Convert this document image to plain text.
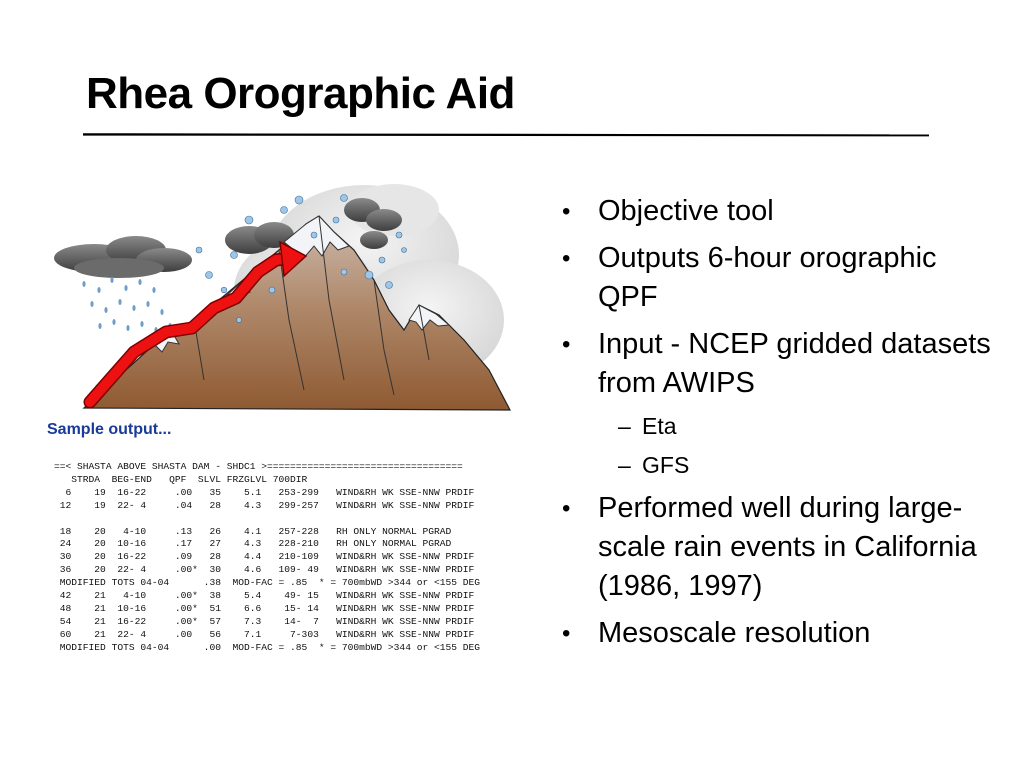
Rhea Orographic Aid
Sample output...
==< SHASTA ABOVE SHASTA DAM - SHDC1 >==================================
STRDA  BEG-END   QPF  SLVL FRZGLVL 700DIR
6    19  16-22     .00   35    5.1   253-299   WIND&RH WK SSE-NNW PRDIF
12    19  22- 4     .04   28    4.3   299-257   WIND&RH WK SSE-NNW PRDIF

18    20   4-10     .13   26    4.1   257-228   RH ONLY NORMAL PGRAD
24    20  10-16     .17   27    4.3   228-210   RH ONLY NORMAL PGRAD
30    20  16-22     .09   28    4.4   210-109   WIND&RH WK SSE-NNW PRDIF
36    20  22- 4     .00*  30    4.6   109- 49   WIND&RH WK SSE-NNW PRDIF
MODIFIED TOTS 04-04      .38  MOD-FAC = .85  * = 700mbWD >344 or <155 DEG
42    21   4-10     .00*  38    5.4    49- 15   WIND&RH WK SSE-NNW PRDIF
48    21  10-16     .00*  51    6.6    15- 14   WIND&RH WK SSE-NNW PRDIF
54    21  16-22     .00*  57    7.3    14-  7   WIND&RH WK SSE-NNW PRDIF
60    21  22- 4     .00   56    7.1     7-303   WIND&RH WK SSE-NNW PRDIF
MODIFIED TOTS 04-04      .00  MOD-FAC = .85  * = 700mbWD >344 or <155 DEG
• Objective tool
• Outputs 6-hour orographic QPF
• Input - NCEP gridded datasets from AWIPS
– Eta
– GFS
• Performed well during large-scale rain events in California (1986, 1997)
• Mesoscale resolution
